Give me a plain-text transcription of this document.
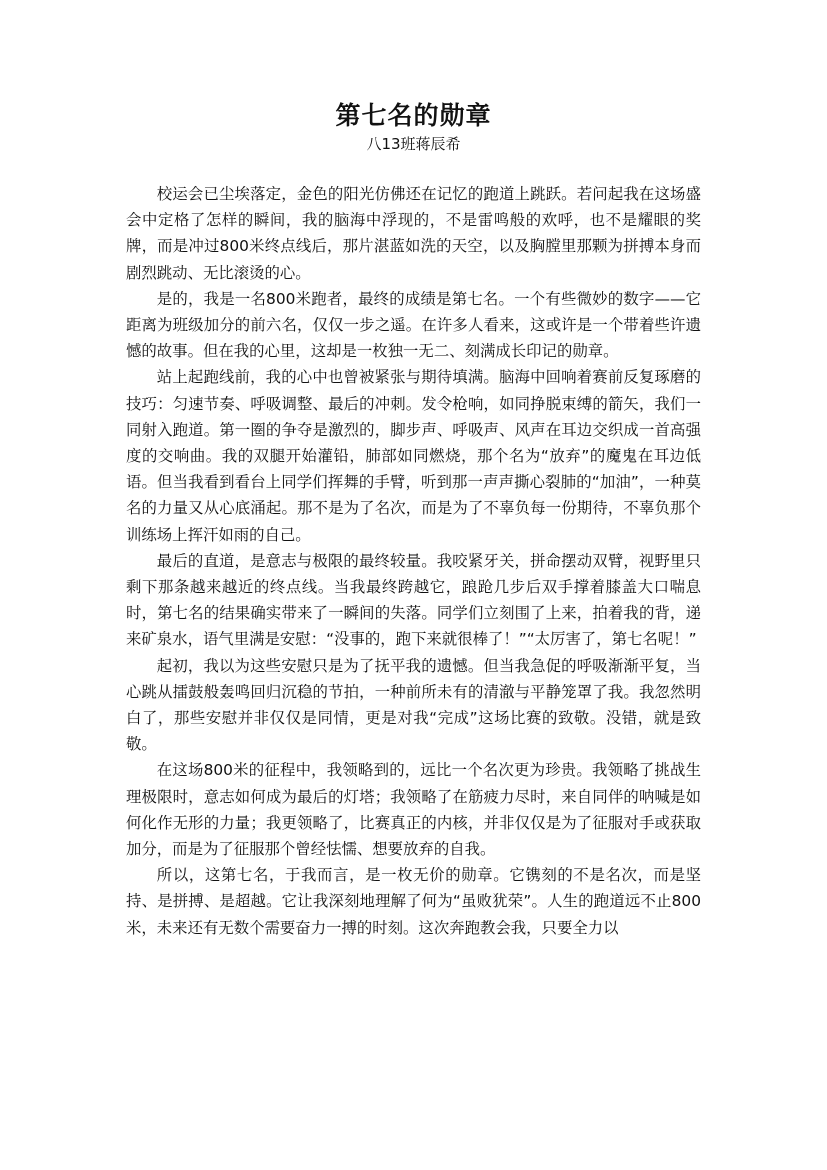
第七名的勋章
八13班蒋辰希

校运会已尘埃落定，金色的阳光仿佛还在记忆的跑道上跳跃。若问起我在这场盛会中定格了怎样的瞬间，我的脑海中浮现的，不是雷鸣般的欢呼，也不是耀眼的奖牌，而是冲过800米终点线后，那片湛蓝如洗的天空，以及胸膛里那颗为拼搏本身而剧烈跳动、无比滚烫的心。

是的，我是一名800米跑者，最终的成绩是第七名。一个有些微妙的数字——它距离为班级加分的前六名，仅仅一步之遥。在许多人看来，这或许是一个带着些许遗憾的故事。但在我的心里，这却是一枚独一无二、刻满成长印记的勋章。

站上起跑线前，我的心中也曾被紧张与期待填满。脑海中回响着赛前反复琢磨的技巧：匀速节奏、呼吸调整、最后的冲刺。发令枪响，如同挣脱束缚的箭矢，我们一同射入跑道。第一圈的争夺是激烈的，脚步声、呼吸声、风声在耳边交织成一首高强度的交响曲。我的双腿开始灌铅，肺部如同燃烧，那个名为“放弃”的魔鬼在耳边低语。但当我看到看台上同学们挥舞的手臂，听到那一声声撕心裂肺的“加油”，一种莫名的力量又从心底涌起。那不是为了名次，而是为了不辜负每一份期待，不辜负那个训练场上挥汗如雨的自己。

最后的直道，是意志与极限的最终较量。我咬紧牙关，拼命摆动双臂，视野里只剩下那条越来越近的终点线。当我最终跨越它，踉跄几步后双手撑着膝盖大口喘息时，第七名的结果确实带来了一瞬间的失落。同学们立刻围了上来，拍着我的背，递来矿泉水，语气里满是安慰：“没事的，跑下来就很棒了！”“太厉害了，第七名呢！”

起初，我以为这些安慰只是为了抚平我的遗憾。但当我急促的呼吸渐渐平复，当心跳从擂鼓般轰鸣回归沉稳的节拍，一种前所未有的清澈与平静笼罩了我。我忽然明白了，那些安慰并非仅仅是同情，更是对我“完成”这场比赛的致敬。没错，就是致敬。

在这场800米的征程中，我领略到的，远比一个名次更为珍贵。我领略了挑战生理极限时，意志如何成为最后的灯塔；我领略了在筋疲力尽时，来自同伴的呐喊是如何化作无形的力量；我更领略了，比赛真正的内核，并非仅仅是为了征服对手或获取加分，而是为了征服那个曾经怯懦、想要放弃的自我。

所以，这第七名，于我而言，是一枚无价的勋章。它镌刻的不是名次，而是坚持、是拼搏、是超越。它让我深刻地理解了何为“虽败犹荣”。人生的跑道远不止800米，未来还有无数个需要奋力一搏的时刻。这次奔跑教会我，只要全力以
